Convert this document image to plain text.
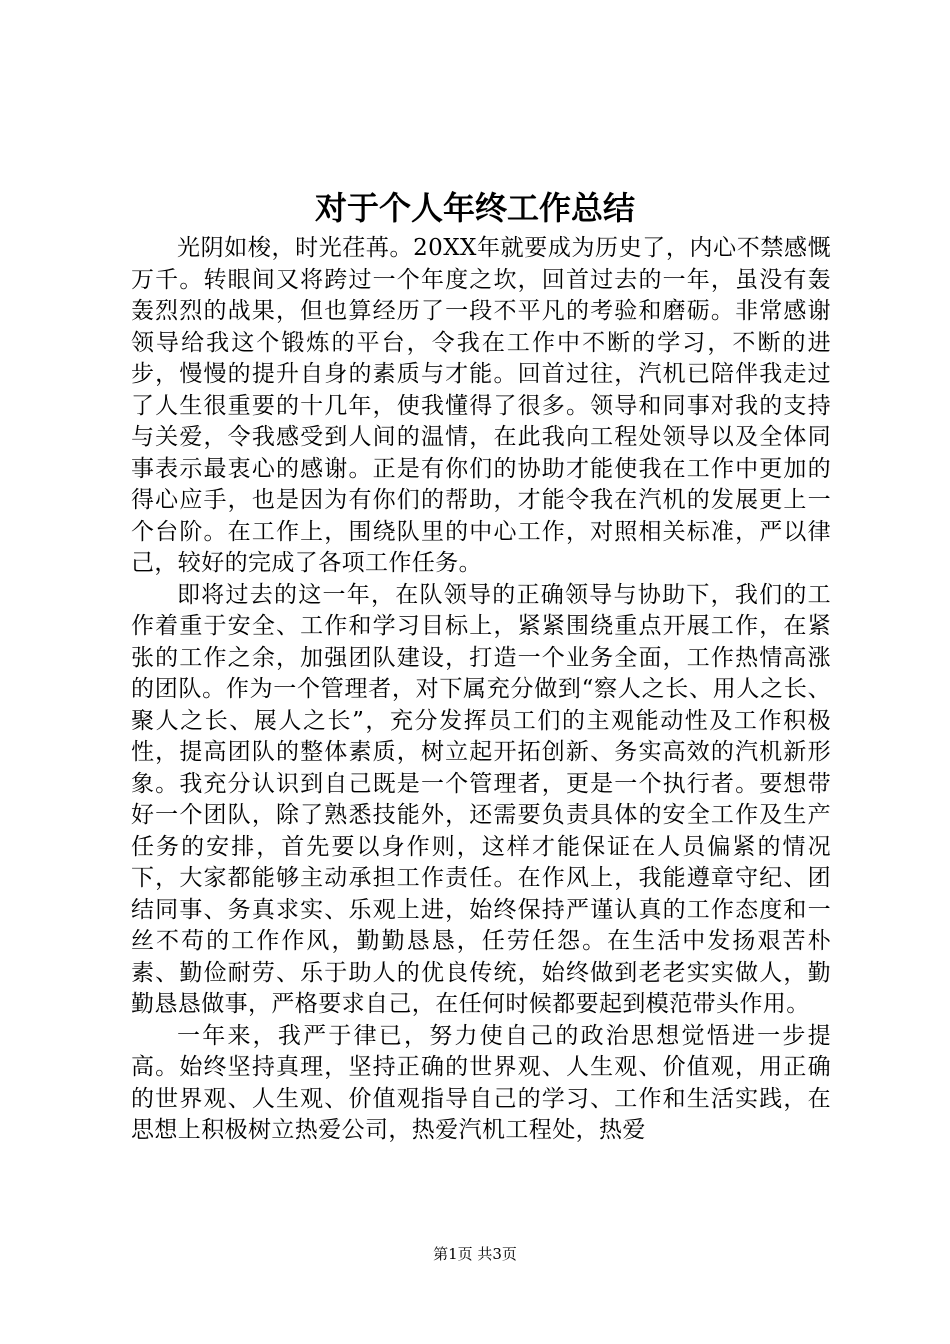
对于个人年终工作总结

光阴如梭，时光荏苒。20XX年就要成为历史了，内心不禁感慨万千。转眼间又将跨过一个年度之坎，回首过去的一年，虽没有轰轰烈烈的战果，但也算经历了一段不平凡的考验和磨砺。非常感谢领导给我这个锻炼的平台，令我在工作中不断的学习，不断的进步，慢慢的提升自身的素质与才能。回首过往，汽机已陪伴我走过了人生很重要的十几年，使我懂得了很多。领导和同事对我的支持与关爱，令我感受到人间的温情，在此我向工程处领导以及全体同事表示最衷心的感谢。正是有你们的协助才能使我在工作中更加的得心应手，也是因为有你们的帮助，才能令我在汽机的发展更上一个台阶。在工作上，围绕队里的中心工作，对照相关标准，严以律己，较好的完成了各项工作任务。

即将过去的这一年，在队领导的正确领导与协助下，我们的工作着重于安全、工作和学习目标上，紧紧围绕重点开展工作，在紧张的工作之余，加强团队建设，打造一个业务全面，工作热情高涨的团队。作为一个管理者，对下属充分做到“察人之长、用人之长、聚人之长、展人之长”，充分发挥员工们的主观能动性及工作积极性，提高团队的整体素质，树立起开拓创新、务实高效的汽机新形象。我充分认识到自己既是一个管理者，更是一个执行者。要想带好一个团队，除了熟悉技能外，还需要负责具体的安全工作及生产任务的安排，首先要以身作则，这样才能保证在人员偏紧的情况下，大家都能够主动承担工作责任。在作风上，我能遵章守纪、团结同事、务真求实、乐观上进，始终保持严谨认真的工作态度和一丝不苟的工作作风，勤勤恳恳，任劳任怨。在生活中发扬艰苦朴素、勤俭耐劳、乐于助人的优良传统，始终做到老老实实做人，勤勤恳恳做事，严格要求自己，在任何时候都要起到模范带头作用。

一年来，我严于律已，努力使自己的政治思想觉悟进一步提高。始终坚持真理，坚持正确的世界观、人生观、价值观，用正确的世界观、人生观、价值观指导自己的学习、工作和生活实践，在思想上积极树立热爱公司，热爱汽机工程处，热爱

第1页 共3页
